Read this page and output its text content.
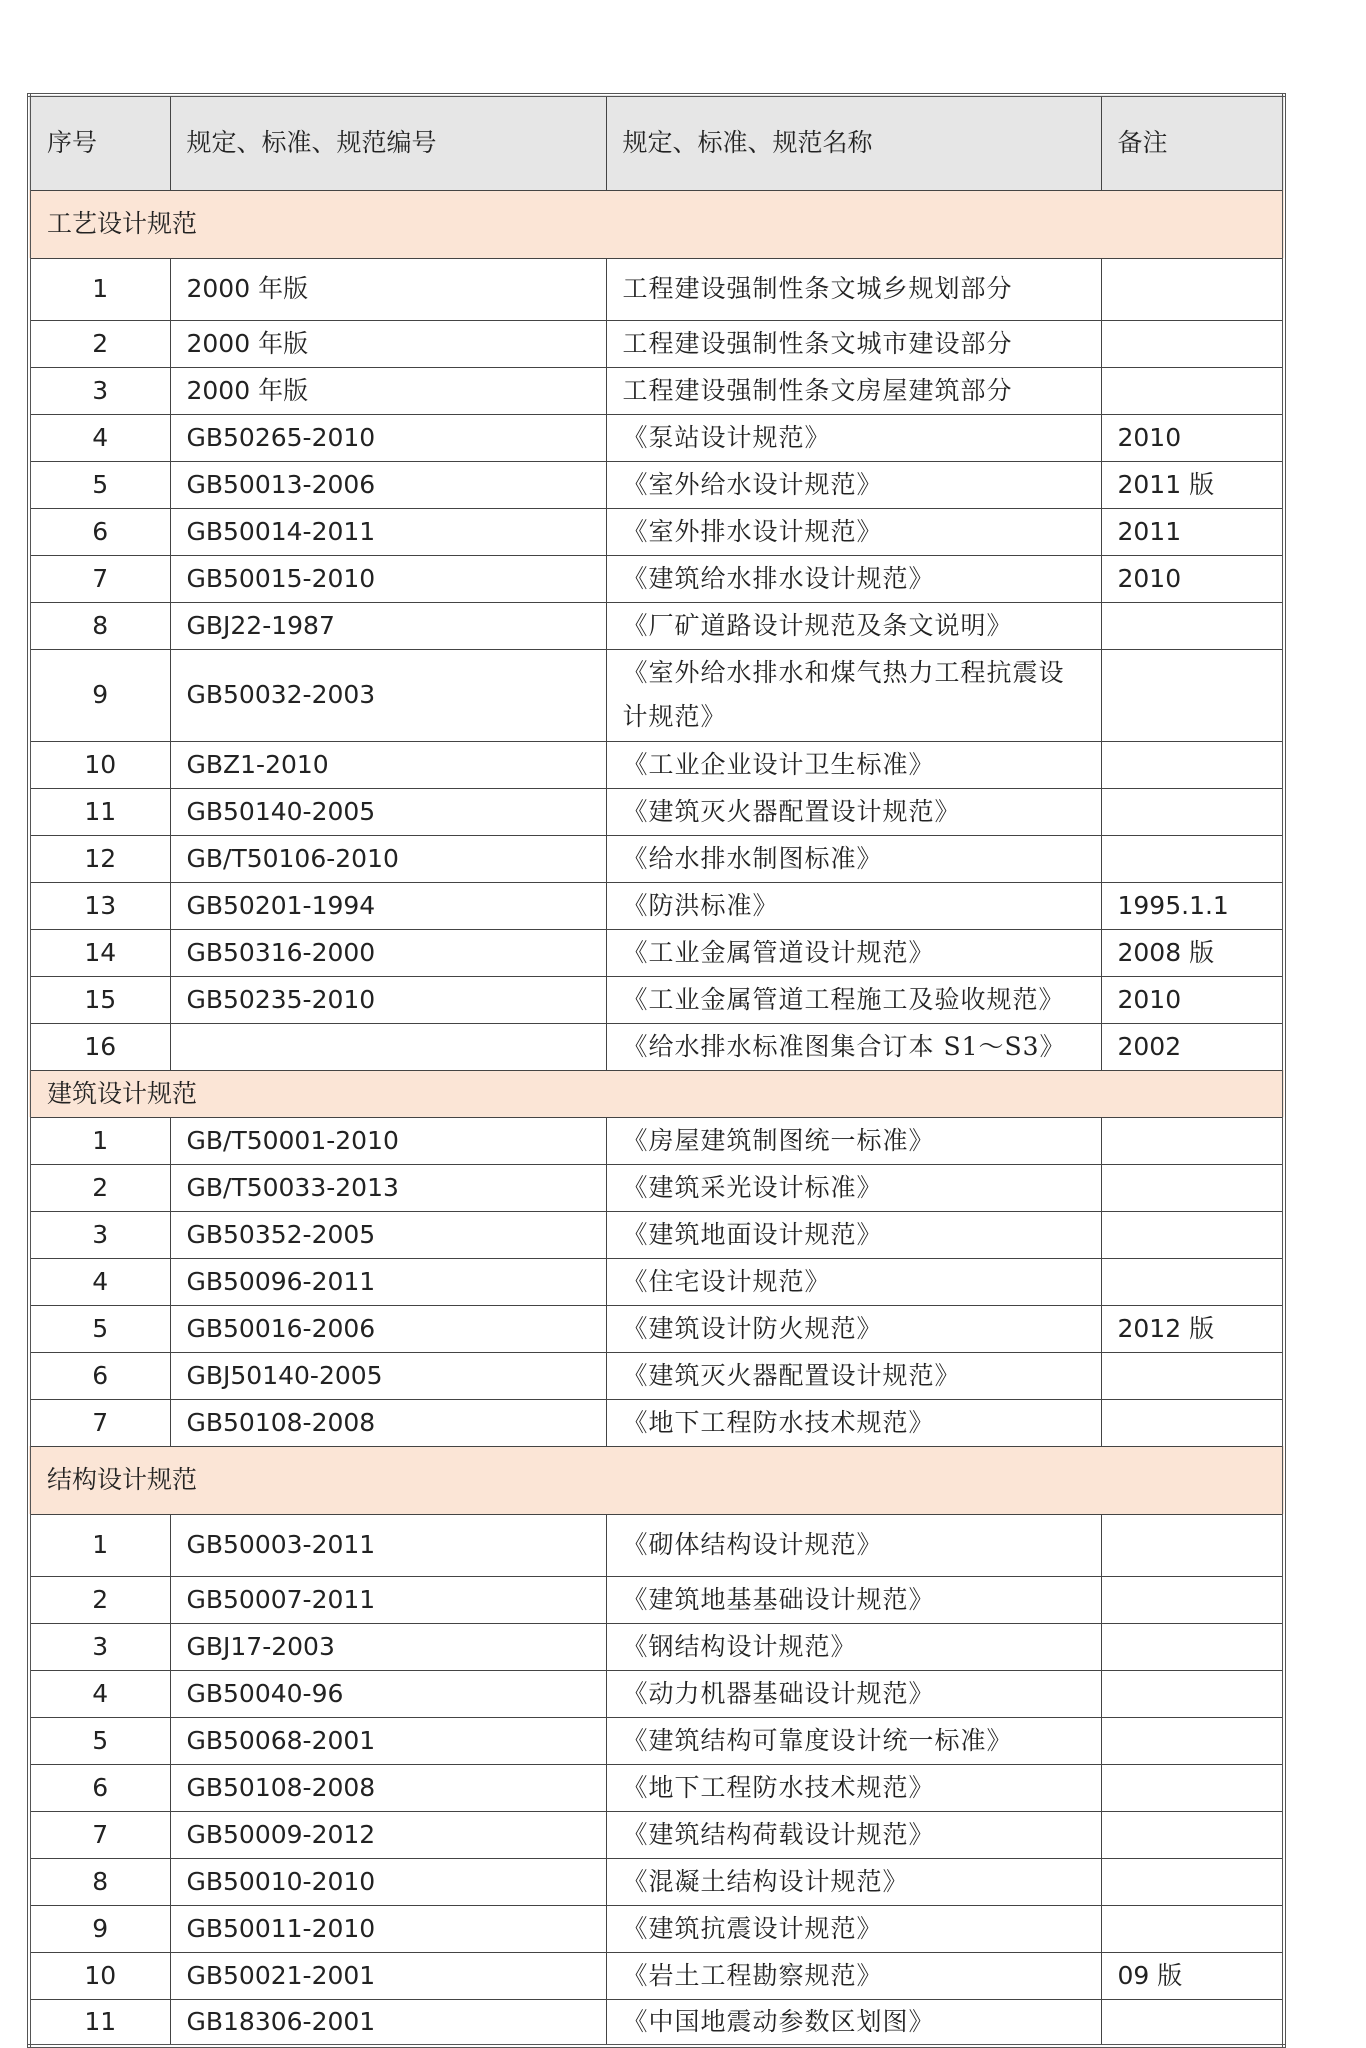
序号	规定、标准、规范编号	规定、标准、规范名称	备注
工艺设计规范			
1	2000 年版	工程建设强制性条文城乡规划部分	
2	2000 年版	工程建设强制性条文城市建设部分	
3	2000 年版	工程建设强制性条文房屋建筑部分	
4	GB50265-2010	《泵站设计规范》	2010
5	GB50013-2006	《室外给水设计规范》	2011 版
6	GB50014-2011	《室外排水设计规范》	2011
7	GB50015-2010	《建筑给水排水设计规范》	2010
8	GBJ22-1987	《厂矿道路设计规范及条文说明》	
9	GB50032-2003	《室外给水排水和煤气热力工程抗震设计规范》	
10	GBZ1-2010	《工业企业设计卫生标准》	
11	GB50140-2005	《建筑灭火器配置设计规范》	
12	GB/T50106-2010	《给水排水制图标准》	
13	GB50201-1994	《防洪标准》	1995.1.1
14	GB50316-2000	《工业金属管道设计规范》	2008 版
15	GB50235-2010	《工业金属管道工程施工及验收规范》	2010
16		《给水排水标准图集合订本 S1～S3》	2002
建筑设计规范			
1	GB/T50001-2010	《房屋建筑制图统一标准》	
2	GB/T50033-2013	《建筑采光设计标准》	
3	GB50352-2005	《建筑地面设计规范》	
4	GB50096-2011	《住宅设计规范》	
5	GB50016-2006	《建筑设计防火规范》	2012 版
6	GBJ50140-2005	《建筑灭火器配置设计规范》	
7	GB50108-2008	《地下工程防水技术规范》	
结构设计规范			
1	GB50003-2011	《砌体结构设计规范》	
2	GB50007-2011	《建筑地基基础设计规范》	
3	GBJ17-2003	《钢结构设计规范》	
4	GB50040-96	《动力机器基础设计规范》	
5	GB50068-2001	《建筑结构可靠度设计统一标准》	
6	GB50108-2008	《地下工程防水技术规范》	
7	GB50009-2012	《建筑结构荷载设计规范》	
8	GB50010-2010	《混凝土结构设计规范》	
9	GB50011-2010	《建筑抗震设计规范》	
10	GB50021-2001	《岩土工程勘察规范》	09 版
11	GB18306-2001	《中国地震动参数区划图》	
